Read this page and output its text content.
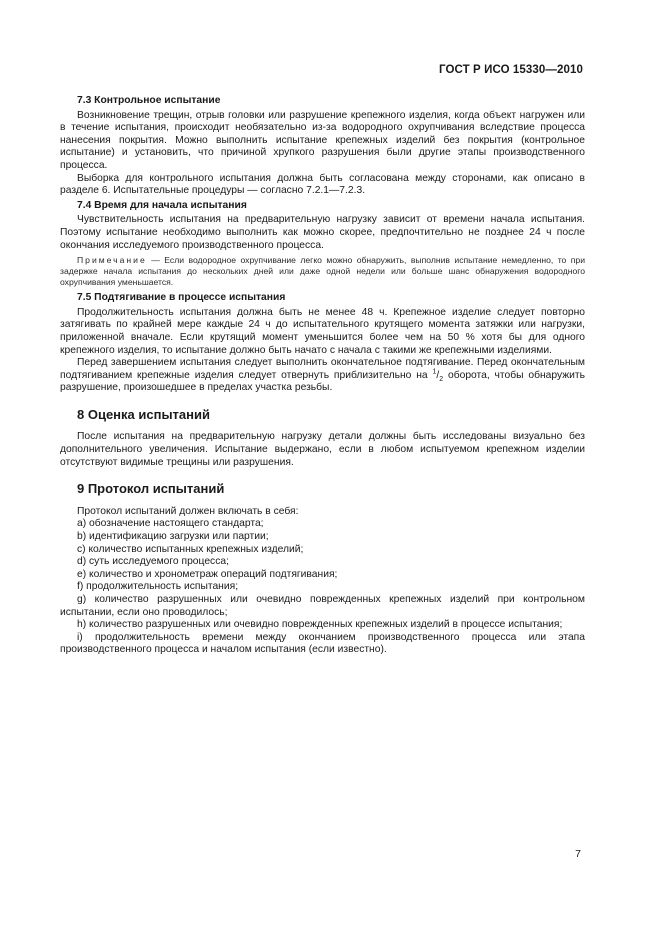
ГОСТ Р ИСО 15330—2010

7.3 Контрольное испытание

Возникновение трещин, отрыв головки или разрушение крепежного изделия, когда объект нагружен или в течение испытания, происходит необязательно из-за водородного охрупчивания вследствие процесса нанесения покрытия. Можно выполнить испытание крепежных изделий без покрытия (контрольное испытание) и установить, что причиной хрупкого разрушения были другие этапы производственного процесса.

Выборка для контрольного испытания должна быть согласована между сторонами, как описано в разделе 6. Испытательные процедуры — согласно 7.2.1—7.2.3.

7.4 Время для начала испытания

Чувствительность испытания на предварительную нагрузку зависит от времени начала испытания. Поэтому испытание необходимо выполнить как можно скорее, предпочтительно не позднее 24 ч после окончания исследуемого производственного процесса.

Примечание — Если водородное охрупчивание легко можно обнаружить, выполнив испытание немедленно, то при задержке начала испытания до нескольких дней или даже одной недели или больше шанс обнаружения водородного охрупчивания уменьшается.

7.5 Подтягивание в процессе испытания

Продолжительность испытания должна быть не менее 48 ч. Крепежное изделие следует повторно затягивать по крайней мере каждые 24 ч до испытательного крутящего момента затяжки или нагрузки, приложенной вначале. Если крутящий момент уменьшится более чем на 50 % хотя бы для одного крепежного изделия, то испытание должно быть начато с начала с такими же крепежными изделиями.

Перед завершением испытания следует выполнить окончательное подтягивание. Перед окончательным подтягиванием крепежные изделия следует отвернуть приблизительно на $^1/_2$ оборота, чтобы обнаружить разрушение, произошедшее в пределах участка резьбы.

8 Оценка испытаний

После испытания на предварительную нагрузку детали должны быть исследованы визуально без дополнительного увеличения. Испытание выдержано, если в любом испытуемом крепежном изделии отсутствуют видимые трещины или разрушения.

9 Протокол испытаний

Протокол испытаний должен включать в себя:

a) обозначение настоящего стандарта;

b) идентификацию загрузки или партии;

c) количество испытанных крепежных изделий;

d) суть исследуемого процесса;

e) количество и хронометраж операций подтягивания;

f) продолжительность испытания;

g) количество разрушенных или очевидно поврежденных крепежных изделий при контрольном испытании, если оно проводилось;

h) количество разрушенных или очевидно поврежденных крепежных изделий в процессе испытания;

i) продолжительность времени между окончанием производственного процесса или этапа производственного процесса и началом испытания (если известно).

7
